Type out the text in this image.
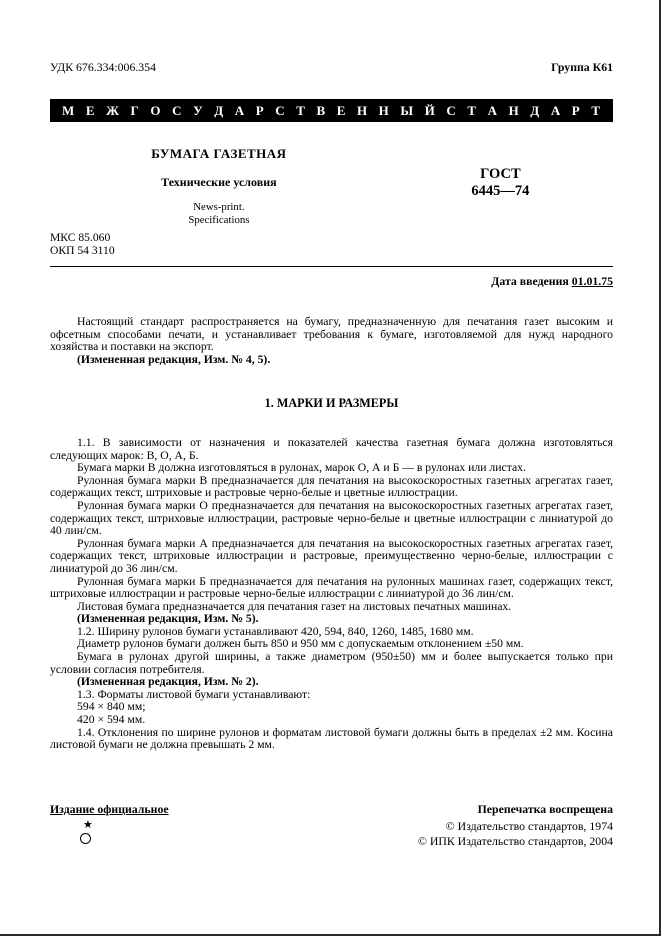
УДК 676.334:006.354	Группа К61
М Е Ж Г О С У Д А Р С Т В Е Н Н Ы Й С Т А Н Д А Р Т
БУМАГА ГАЗЕТНАЯ
Технические условия
News-print.
Specifications
ГОСТ
6445—74
МКС 85.060
ОКП 54 3110
Дата введения 01.01.75

Настоящий стандарт распространяется на бумагу, предназначенную для печатания газет высоким и офсетным способами печати, и устанавливает требования к бумаге, изготовляемой для нужд народного хозяйства и поставки на экспорт.

(Измененная редакция, Изм. № 4, 5).

1. МАРКИ И РАЗМЕРЫ

1.1. В зависимости от назначения и показателей качества газетная бумага должна изготовляться следующих марок: В, О, А, Б.

Бумага марки В должна изготовляться в рулонах, марок О, А и Б — в рулонах или листах.

Рулонная бумага марки В предназначается для печатания на высокоскоростных газетных агрегатах газет, содержащих текст, штриховые и растровые черно-белые и цветные иллюстрации.

Рулонная бумага марки О предназначается для печатания на высокоскоростных газетных агрегатах газет, содержащих текст, штриховые иллюстрации, растровые черно-белые и цветные иллюстрации с линиатурой до 40 лин/см.

Рулонная бумага марки А предназначается для печатания на высокоскоростных газетных агрегатах газет, содержащих текст, штриховые иллюстрации и растровые, преимущественно черно-белые, иллюстрации с линиатурой до 36 лин/см.

Рулонная бумага марки Б предназначается для печатания на рулонных машинах газет, содержащих текст, штриховые иллюстрации и растровые черно-белые иллюстрации с линиатурой до 36 лин/см.

Листовая бумага предназначается для печатания газет на листовых печатных машинах.

(Измененная редакция, Изм. № 5).

1.2. Ширину рулонов бумаги устанавливают 420, 594, 840, 1260, 1485, 1680 мм.

Диаметр рулонов бумаги должен быть 850 и 950 мм с допускаемым отклонением ±50 мм.

Бумага в рулонах другой ширины, а также диаметром (950±50) мм и более выпускается только при условии согласия потребителя.

(Измененная редакция, Изм. № 2).

1.3. Форматы листовой бумаги устанавливают:

594 × 840 мм;

420 × 594 мм.

1.4. Отклонения по ширине рулонов и форматам листовой бумаги должны быть в пределах ±2 мм. Косина листовой бумаги не должна превышать 2 мм.

Издание официальное	Перепечатка воспрещена
★	© Издательство стандартов, 1974
© ИПК Издательство стандартов, 2004
